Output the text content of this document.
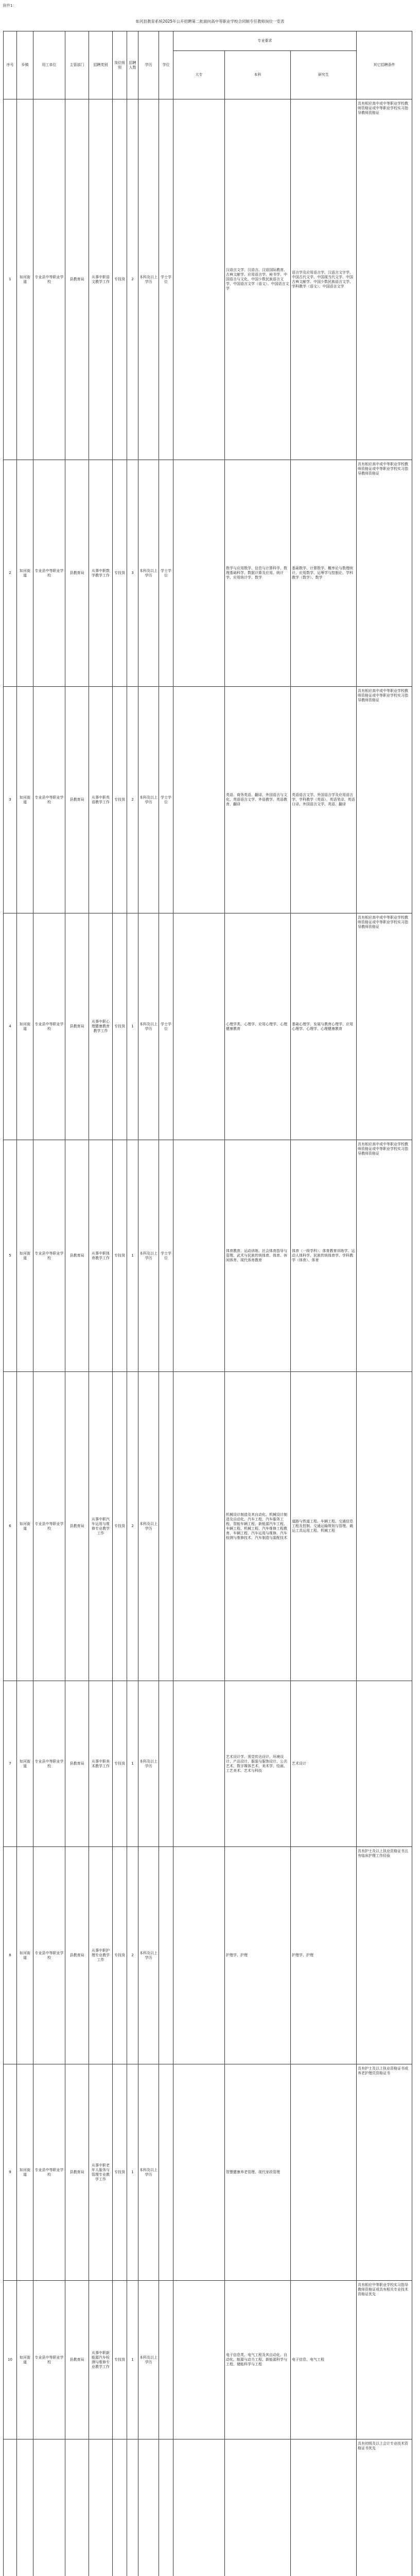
附件1：
如河县教育系统2025年公开招聘第二批面向高中等职业学校合同制专任教师岗位一览表
序号	乡镇	用工单位	主管部门	招聘类别	岗位级别	招聘人数	学历	学位	专业要求			其它招聘条件
									大专	本科	研究生	
1	如河街道	专业县中等职业学校	县教育局	从事中职语文教学工作	专技岗	2	本科及以上学历	学士学位		汉语言文学、汉语言、汉语国际教育、古典文献学、应用语言学、秘书学、中国语言与文化、中国少数民族语言文学、中国语言文学（语文）、中国语言文学	语言学及应用语言学、汉语言文字学、中国古代文学、中国现当代文学、中国古典文献学、中国少数民族语言文学、学科教学（语文）、中国语言文学	具有相应高中或中等职业学校教师资格证或中等职业学校实习指导教师资格证
2	如河街道	专业县中等职业学校	县教育局	从事中职数学教学工作	专技岗	3	本科及以上学历	学士学位		数学与应用数学、信息与计算科学、数理基础科学、数据计算及应用、统计学、应用统计学、数学	基础数学、计算数学、概率论与数理统计、应用数学、运筹学与控制论、学科教学（数学）、数学	具有相应高中或中等职业学校教师资格证或中等职业学校实习指导教师资格证
3	如河街道	专业县中等职业学校	县教育局	从事中职英语教学工作	专技岗	2	本科及以上学历	学士学位		英语、商务英语、翻译、外国语言与文化、英语语言文学、外语教学、英语教育、翻译	英语语言文学、外国语言学及应用语言学、学科教学（英语）、英语笔译、英语口译、外国语言文学、英语、翻译	具有相应高中或中等职业学校教师资格证或中等职业学校实习指导教师资格证
4	如河街道	专业县中等职业学校	县教育局	从事中职心理健康教育教学工作	专技岗	1	本科及以上学历	学士学位		心理学类、心理学、应用心理学、心理健康教育	基础心理学、发展与教育心理学、应用心理学、心理学、心理健康教育	具有相应高中或中等职业学校教师资格证或中等职业学校实习指导教师资格证
5	如河街道	专业县中等职业学校	县教育局	从事中职体育教学工作	专技岗	1	本科及以上学历	学士学位		体育教育、运动训练、社会体育指导与管理、武术与民族传统体育、体育、休闲体育、现代体育教育	体育（一级学科）、体育教育训练学、运动人体科学、民族传统体育学、学科教学（体育）、体育	具有相应高中或中等职业学校教师资格证或中等职业学校实习指导教师资格证
6	如河街道	专业县中等职业学校	县教育局	从事中职汽车运用与维修专业教学工作	专技岗	2	本科及以上学历			机械设计制造及其自动化、机械设计制造及自动化、汽车工程、汽车服务工程、智能车辆工程、新能源汽车工程、车辆工程、机械工程、汽车维修工程教育、车辆工程、汽车运用与维修、汽车检测与维修技术、汽车制造与装配技术	道路与铁道工程、车辆工程、交通信息工程及控制、交通运输规划与管理、载运工具运用工程、机械工程	
7	如河街道	专业县中等职业学校	县教育局	从事中职美术教学工作	专技岗	1	本科及以上学历			艺术设计学、视觉传达设计、环境设计、产品设计、服装与服饰设计、公共艺术、数字媒体艺术、美术学、绘画、工艺美术、艺术与科技	艺术设计	
8	如河街道	专业县中等职业学校	县教育局	从事中职护理专业教学工作	专技岗	2	本科及以上学历			护理学、护理	护理学、护理	具有护士及以上执业资格证书且有临床护理工作经验
9	如河街道	专业县中等职业学校	县教育局	从事中职老年人服务与管理专业教学工作	专技岗	1	本科及以上学历			智慧健康养老管理、现代家政管理		具有护士及以上执业资格证书或养老护理员资格证书
10	如河街道	专业县中等职业学校	县教育局	从事中职新能源汽车检测与维修专业教学工作	专技岗	1	本科及以上学历			电子信息类、电气工程及其自动化、自动化、能源与动力工程、新能源科学与工程、储能科学与工程	电子信息、电气工程	具有相应中等职业学校实习指导教师资格证或具有相关专业技术资格证优先
												具有初级及以上会计专业技术资格证书优先
